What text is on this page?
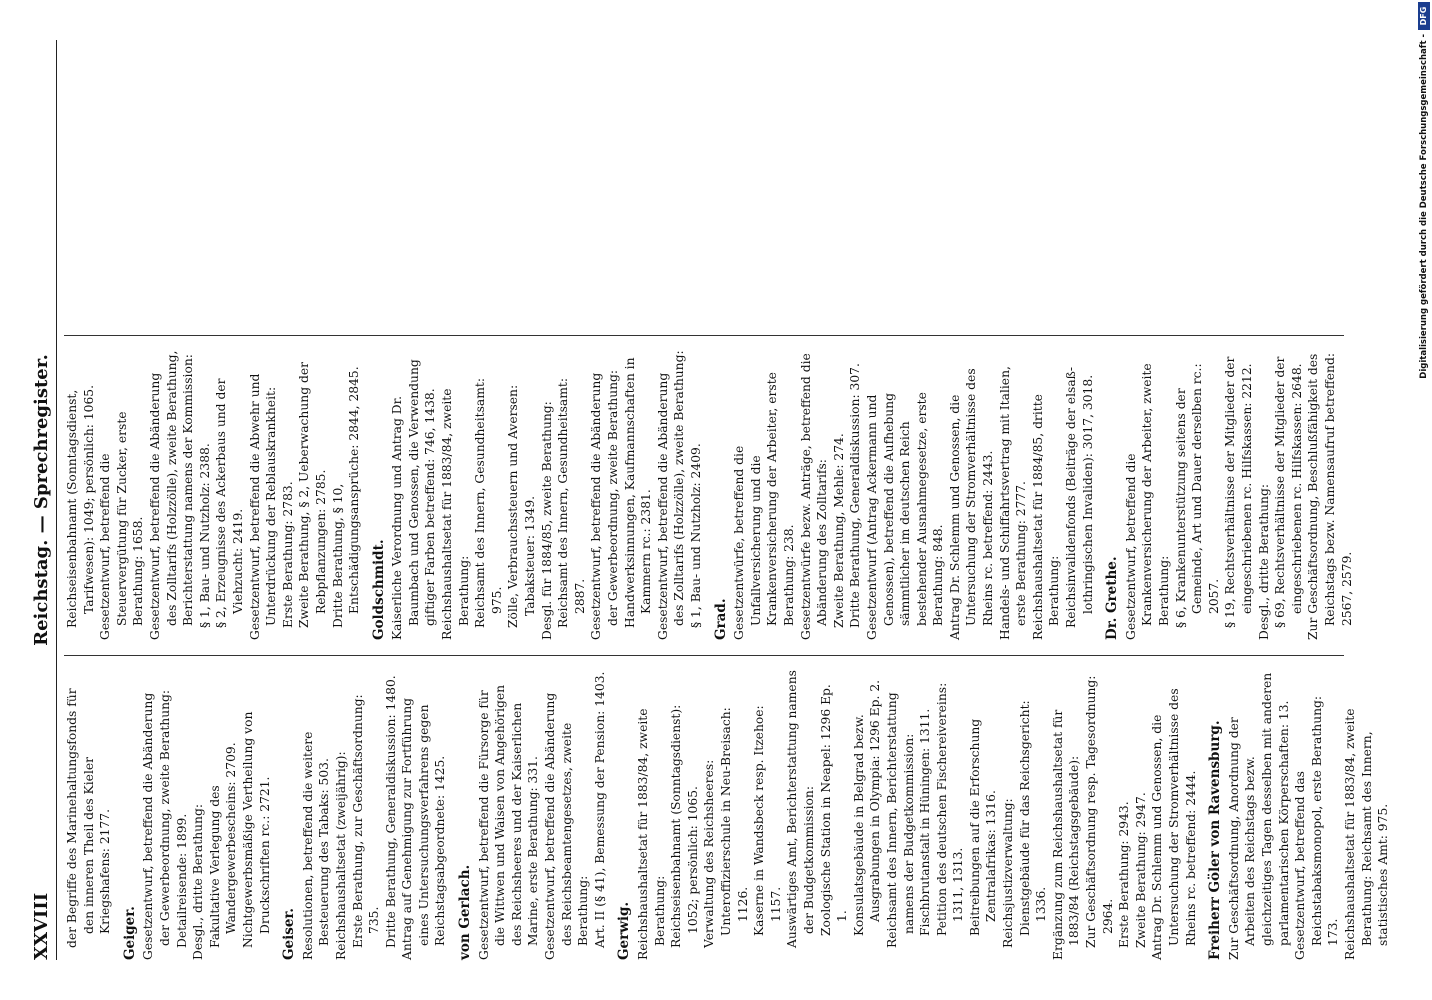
XXVIII
Reichstag. — Sprechregister.
der Begriffe des Marinehaltungsfonds für den inneren Theil des Kieler Kriegshafens: 2177. Geiger. Gesetzentwurf, betreffend die Abänderung der Gewerbeordnung, zweite Berathung: Detailreisende: 1899. Desgl., dritte Berathung: Fakultative Verlegung des Wandergewerbescheins: 2709. Nichtgewerbsmäßige Vertheilung von Druckschriften rc.: 2721. Geiser. Resolutionen, betreffend die weitere Besteuerung des Tabaks: 503. Reichshaushaltsetat (zweijährig): Erste Berathung, zur Geschäftsordnung: 735. Dritte Berathung, Generaldiskussion: 1480. Antrag auf Genehmigung zur Fortführung eines Untersuchungsverfahrens gegen Reichstagsabgeordnete: 1425. von Gerlach. Gesetzentwurf, betreffend die Fürsorge für die Wittwen und Waisen von Angehörigen des Reichsheeres und der Kaiserlichen Marine, erste Berathung: 331. Gesetzentwurf, betreffend die Abänderung des Reichsbeamtengesetzes, zweite Berathung: Art. II (§ 41), Bemessung der Pension: 1403. Gerwig. Reichshaushaltsetat für 1883/84, zweite Berathung: Reichseisenbahnamt (Sonntagsdienst): 1052; persönlich: 1065. Verwaltung des Reichsheeres: Unteroffizierschule in Neu-Breisach: 1126. Kaserne in Wandsbeck resp. Itzehoe: 1157. Auswärtiges Amt, Berichterstattung namens der Budgetkommission: Zoologische Station in Neapel: 1296 Ep. 1. Konsulatsgebäude in Belgrad bezw. Ausgrabungen in Olympia: 1296 Ep. 2. Reichsamt des Innern, Berichterstattung namens der Budgetkommission: Fischbrutanstalt in Hüningen: 1311. Petition des deutschen Fischereivereins: 1311, 1313. Beitreibungen auf die Erforschung Zentralafrikas: 1316. Reichsjustizverwaltung: Dienstgebäude für das Reichsgericht: 1336. Ergänzung zum Reichshaushaltsetat für 1883/84 (Reichstagsgebäude): Zur Geschäftsordnung resp. Tagesordnung: 2964. Erste Berathung: 2943. Zweite Berathung: 2947. Antrag Dr. Schlemm und Genossen, die Untersuchung der Stromverhältnisse des Rheins rc. betreffend: 2444. Freiherr Göler von Ravensburg. Zur Geschäftsordnung, Anordnung der Arbeiten des Reichstags bezw. gleichzeitiges Tagen desselben mit anderen parlamentarischen Körperschaften: 13. Gesetzentwurf, betreffend das Reichstabaksmonopol, erste Berathung: 173. Reichshaushaltsetat für 1883/84, zweite Berathung: Reichsamt des Innern, statistisches Amt: 975.
Reichseisenbahnamt (Sonntagsdienst, Tarifwesen): 1049; persönlich: 1065. Gesetzentwurf, betreffend die Steuervergütung für Zucker, erste Berathung: 1658. Gesetzentwurf, betreffend die Abänderung des Zolltarifs (Holzzölle), zweite Berathung, Berichterstattung namens der Kommission: § 1, Bau- und Nutzholz: 2388. § 2, Erzeugnisse des Ackerbaus und der Viehzucht: 2419. Gesetzentwurf, betreffend die Abwehr und Unterdrückung der Reblauskrankheit: Erste Berathung: 2783. Zweite Berathung, § 2, Ueberwachung der Rebpflanzungen: 2785. Dritte Berathung, § 10, Entschädigungsansprüche: 2844, 2845. Goldschmidt. Kaiserliche Verordnung und Antrag Dr. Baumbach und Genossen, die Verwendung giftiger Farben betreffend: 746, 1438. Reichshaushaltsetat für 1883/84, zweite Berathung: Reichsamt des Innern, Gesundheitsamt: 975. Zölle, Verbrauchssteuern und Aversen: Tabaksteuer: 1349. Desgl. für 1884/85, zweite Berathung: Reichsamt des Innern, Gesundheitsamt: 2887. Gesetzentwurf, betreffend die Abänderung der Gewerbeordnung, zweite Berathung: Handwerksinnungen, Kaufmannschaften in Kammern rc.: 2381. Gesetzentwurf, betreffend die Abänderung des Zolltarifs (Holzzölle), zweite Berathung: § 1, Bau- und Nutzholz: 2409. Grad. Gesetzentwürfe, betreffend die Unfallversicherung und die Krankenversicherung der Arbeiter, erste Berathung: 238. Gesetzentwürfe bezw. Anträge, betreffend die Abänderung des Zolltarifs: Zweite Berathung, Mehle: 274. Dritte Berathung, Generaldiskussion: 307. Gesetzentwurf (Antrag Ackermann und Genossen), betreffend die Aufhebung sämmtlicher im deutschen Reich bestehender Ausnahmegesetze, erste Berathung: 848. Antrag Dr. Schlemm und Genossen, die Untersuchung der Stromverhältnisse des Rheins rc. betreffend: 2443. Handels- und Schiffahrtsvertrag mit Italien, erste Berathung: 2777. Reichshaushaltsetat für 1884/85, dritte Berathung: Reichsinvalidenfonds (Beiträge der elsaß-lothringischen Invaliden): 3017, 3018. Dr. Grethe. Gesetzentwurf, betreffend die Krankenversicherung der Arbeiter, zweite Berathung: § 6, Krankenunterstützung seitens der Gemeinde, Art und Dauer derselben rc.: 2057. § 19, Rechtsverhältnisse der Mitglieder der eingeschriebenen rc. Hilfskassen: 2212. Desgl., dritte Berathung: § 69, Rechtsverhältnisse der Mitglieder der eingeschriebenen rc. Hilfskassen: 2648. Zur Geschäftsordnung, Beschlußfähigkeit des Reichstags bezw. Namensaufruf betreffend: 2567, 2579.
Digitalisierung gefördert durch die Deutsche Forschungsgemeinschaft -
DFG
